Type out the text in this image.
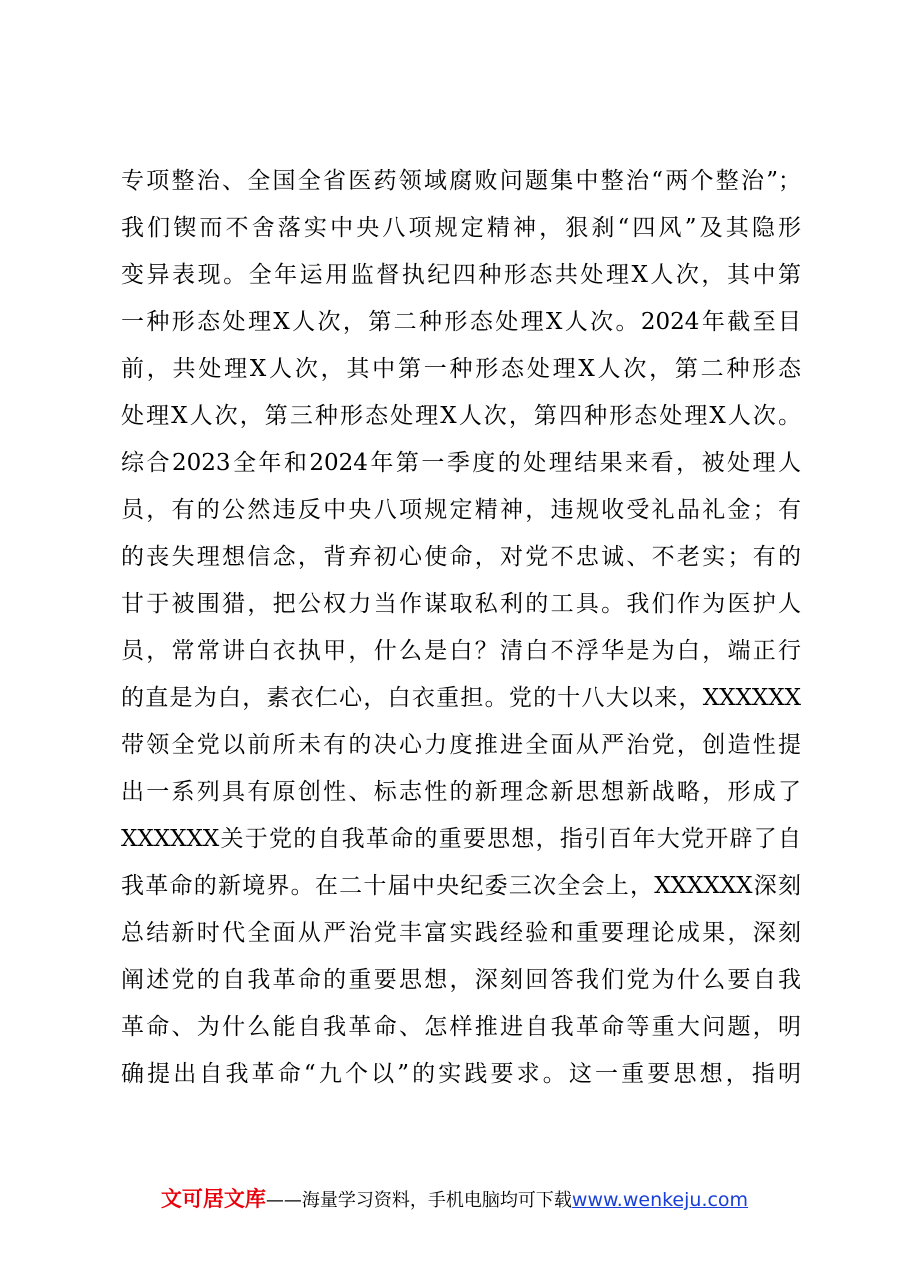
专项整治、全国全省医药领域腐败问题集中整治“两个整治”；
我们锲而不舍落实中央八项规定精神，狠刹“四风”及其隐形
变异表现。全年运用监督执纪四种形态共处理X人次，其中第
一种形态处理X人次，第二种形态处理X人次。2024年截至目
前，共处理X人次，其中第一种形态处理X人次，第二种形态
处理X人次，第三种形态处理X人次，第四种形态处理X人次。
综合2023全年和2024年第一季度的处理结果来看，被处理人
员，有的公然违反中央八项规定精神，违规收受礼品礼金；有
的丧失理想信念，背弃初心使命，对党不忠诚、不老实；有的
甘于被围猎，把公权力当作谋取私利的工具。我们作为医护人
员，常常讲白衣执甲，什么是白？清白不浮华是为白，端正行
的直是为白，素衣仁心，白衣重担。党的十八大以来，XXXXXX
带领全党以前所未有的决心力度推进全面从严治党，创造性提
出一系列具有原创性、标志性的新理念新思想新战略，形成了
XXXXXX关于党的自我革命的重要思想，指引百年大党开辟了自
我革命的新境界。在二十届中央纪委三次全会上，XXXXXX深刻
总结新时代全面从严治党丰富实践经验和重要理论成果，深刻
阐述党的自我革命的重要思想，深刻回答我们党为什么要自我
革命、为什么能自我革命、怎样推进自我革命等重大问题，明
确提出自我革命“九个以”的实践要求。这一重要思想，指明
文可居文库——海量学习资料，手机电脑均可下载www.wenkeju.com
